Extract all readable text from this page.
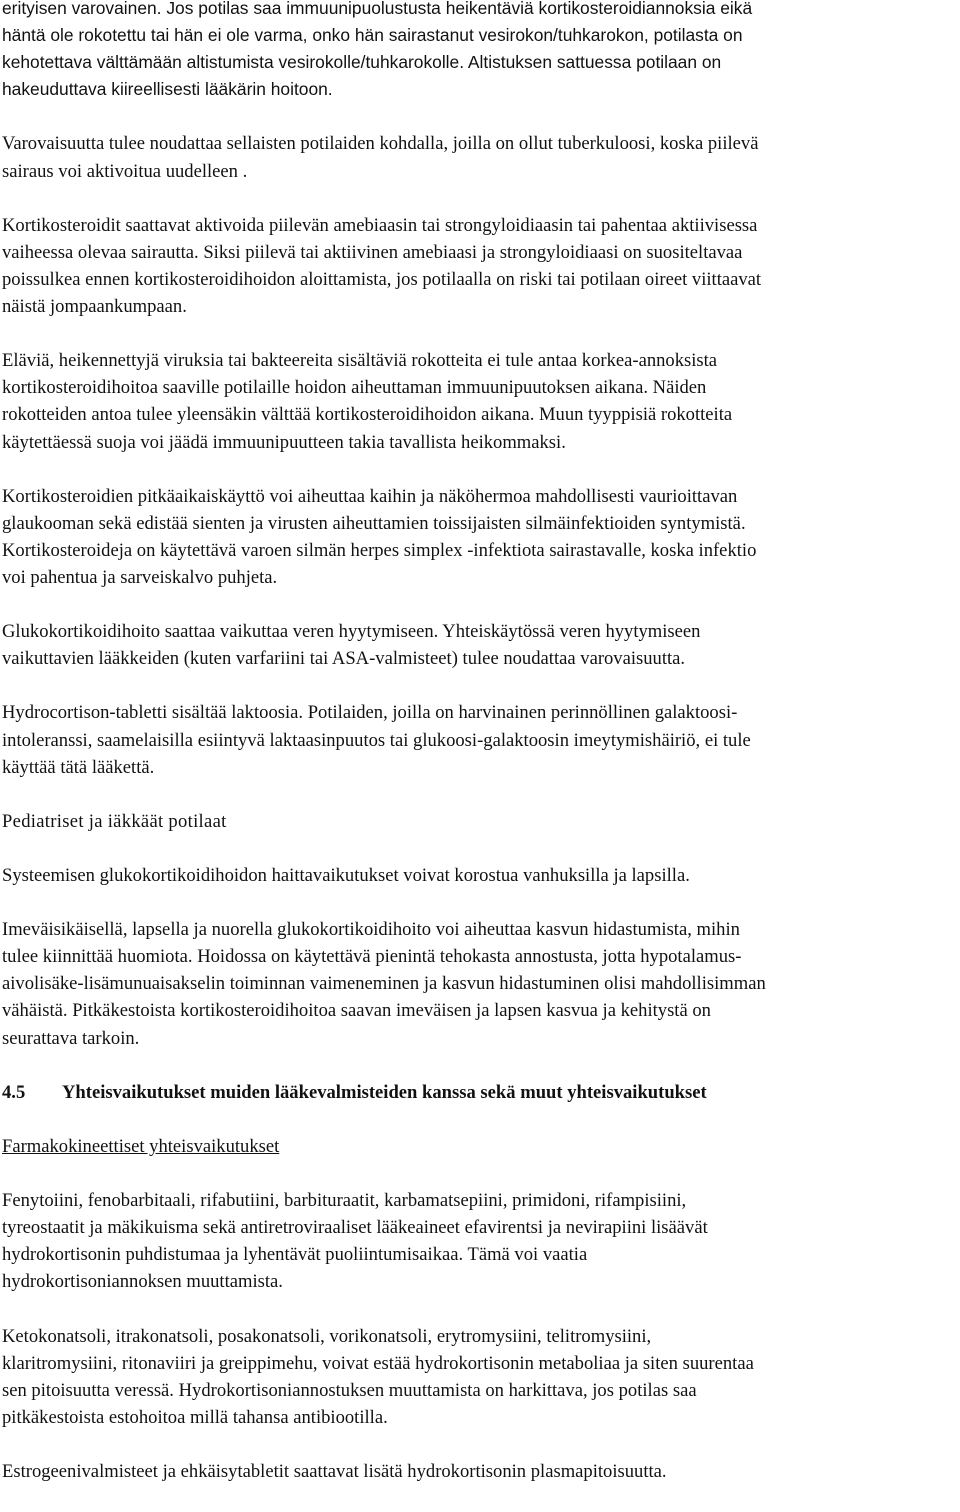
erityisen varovainen. Jos potilas saa immuunipuolustusta heikentäviä kortikosteroidiannoksia eikä
häntä ole rokotettu tai hän ei ole varma, onko hän sairastanut vesirokon/tuhkarokon, potilasta on
kehotettava välttämään altistumista vesirokolle/tuhkarokolle. Altistuksen sattuessa potilaan on
hakeuduttava kiireellisesti lääkärin hoitoon.
Varovaisuutta tulee noudattaa sellaisten potilaiden kohdalla, joilla on ollut tuberkuloosi, koska piilevä
sairaus voi aktivoitua uudelleen .
Kortikosteroidit saattavat aktivoida piilevän amebiaasin tai strongyloidiaasin tai pahentaa aktiivisessa
vaiheessa olevaa sairautta. Siksi piilevä tai aktiivinen amebiaasi ja strongyloidiaasi on suositeltavaa
poissulkea ennen kortikosteroidihoidon aloittamista, jos potilaalla on riski tai potilaan oireet viittaavat
näistä jompaankumpaan.
Eläviä, heikennettyjä viruksia tai bakteereita sisältäviä rokotteita ei tule antaa korkea-annoksista
kortikosteroidihoitoa saaville potilaille hoidon aiheuttaman immuunipuutoksen aikana. Näiden
rokotteiden antoa tulee yleensäkin välttää kortikosteroidihoidon aikana. Muun tyyppisiä rokotteita
käytettäessä suoja voi jäädä immuunipuutteen takia tavallista heikommaksi.
Kortikosteroidien pitkäaikaiskäyttö voi aiheuttaa kaihin ja näköhermoa mahdollisesti vaurioittavan
glaukooman sekä edistää sienten ja virusten aiheuttamien toissijaisten silmäinfektioiden syntymistä.
Kortikosteroideja on käytettävä varoen silmän herpes simplex -infektiota sairastavalle, koska infektio
voi pahentua ja sarveiskalvo puhjeta.
Glukokortikoidihoito saattaa vaikuttaa veren hyytymiseen. Yhteiskäytössä veren hyytymiseen
vaikuttavien lääkkeiden (kuten varfariini tai ASA-valmisteet) tulee noudattaa varovaisuutta.
Hydrocortison-tabletti sisältää laktoosia. Potilaiden, joilla on harvinainen perinnöllinen galaktoosi-
intoleranssi, saamelaisilla esiintyvä laktaasinpuutos tai glukoosi-galaktoosin imeytymishäiriö, ei tule
käyttää tätä lääkettä.
Pediatriset ja iäkkäät potilaat
Systeemisen glukokortikoidihoidon haittavaikutukset voivat korostua vanhuksilla ja lapsilla.
Imeväisikäisellä, lapsella ja nuorella glukokortikoidihoito voi aiheuttaa kasvun hidastumista, mihin
tulee kiinnittää huomiota. Hoidossa on käytettävä pienintä tehokasta annostusta, jotta hypotalamus-
aivolisäke-lisämunuaisakselin toiminnan vaimeneminen ja kasvun hidastuminen olisi mahdollisimman
vähäistä. Pitkäkestoista kortikosteroidihoitoa saavan imeväisen ja lapsen kasvua ja kehitystä on
seurattava tarkoin.
4.5 Yhteisvaikutukset muiden lääkevalmisteiden kanssa sekä muut yhteisvaikutukset
Farmakokineettiset yhteisvaikutukset
Fenytoiini, fenobarbitaali, rifabutiini, barbituraatit, karbamatsepiini, primidoni, rifampisiini,
tyreostaatit ja mäkikuisma sekä antiretroviraaliset lääkeaineet efavirentsi ja nevirapiini lisäävät
hydrokortisonin puhdistumaa ja lyhentävät puoliintumisaikaa. Tämä voi vaatia
hydrokortisoniannoksen muuttamista.
Ketokonatsoli, itrakonatsoli, posakonatsoli, vorikonatsoli, erytromysiini, telitromysiini,
klaritromysiini, ritonaviiri ja greippimehu, voivat estää hydrokortisonin metaboliaa ja siten suurentaa
sen pitoisuutta veressä. Hydrokortisoniannostuksen muuttamista on harkittava, jos potilas saa
pitkäkestoista estohoitoa millä tahansa antibiootilla.
Estrogeenivalmisteet ja ehkäisytabletit saattavat lisätä hydrokortisonin plasmapitoisuutta.
